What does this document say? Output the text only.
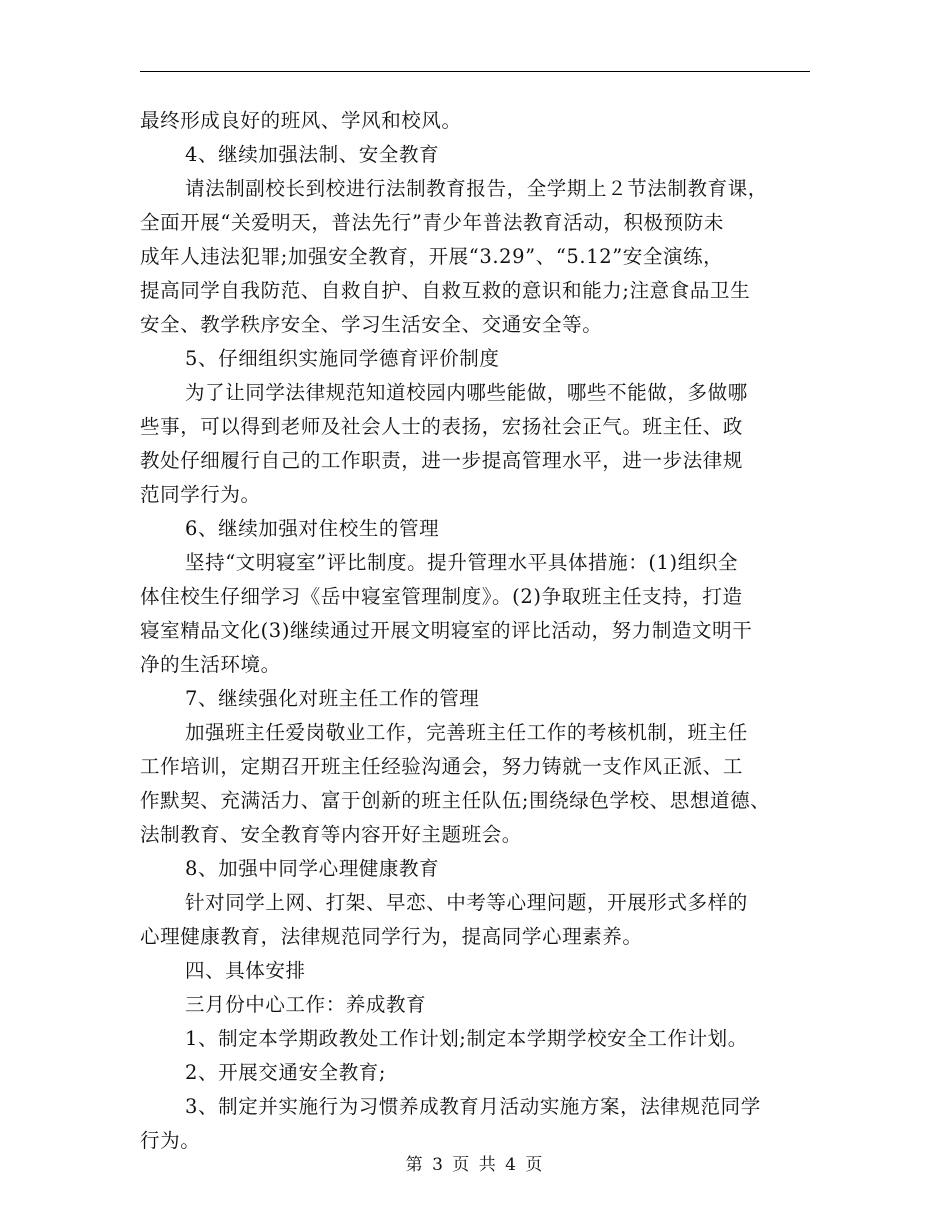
最终形成良好的班风、学风和校风。
4、继续加强法制、安全教育
请法制副校长到校进行法制教育报告，全学期上２节法制教育课，
全面开展“关爱明天，普法先行”青少年普法教育活动，积极预防未
成年人违法犯罪;加强安全教育，开展“3.29”、“5.12”安全演练，
提高同学自我防范、自救自护、自救互救的意识和能力;注意食品卫生
安全、教学秩序安全、学习生活安全、交通安全等。
5、仔细组织实施同学德育评价制度
为了让同学法律规范知道校园内哪些能做，哪些不能做，多做哪
些事，可以得到老师及社会人士的表扬，宏扬社会正气。班主任、政
教处仔细履行自己的工作职责，进一步提高管理水平，进一步法律规
范同学行为。
6、继续加强对住校生的管理
坚持“文明寝室”评比制度。提升管理水平具体措施：(1)组织全
体住校生仔细学习《岳中寝室管理制度》。(2)争取班主任支持，打造
寝室精品文化(3)继续通过开展文明寝室的评比活动，努力制造文明干
净的生活环境。
7、继续强化对班主任工作的管理
加强班主任爱岗敬业工作，完善班主任工作的考核机制，班主任
工作培训，定期召开班主任经验沟通会，努力铸就一支作风正派、工
作默契、充满活力、富于创新的班主任队伍;围绕绿色学校、思想道德、
法制教育、安全教育等内容开好主题班会。
8、加强中同学心理健康教育
针对同学上网、打架、早恋、中考等心理问题，开展形式多样的
心理健康教育，法律规范同学行为，提高同学心理素养。
四、具体安排
三月份中心工作：养成教育
1、制定本学期政教处工作计划;制定本学期学校安全工作计划。
2、开展交通安全教育;
3、制定并实施行为习惯养成教育月活动实施方案，法律规范同学
行为。
第 3 页 共 4 页
